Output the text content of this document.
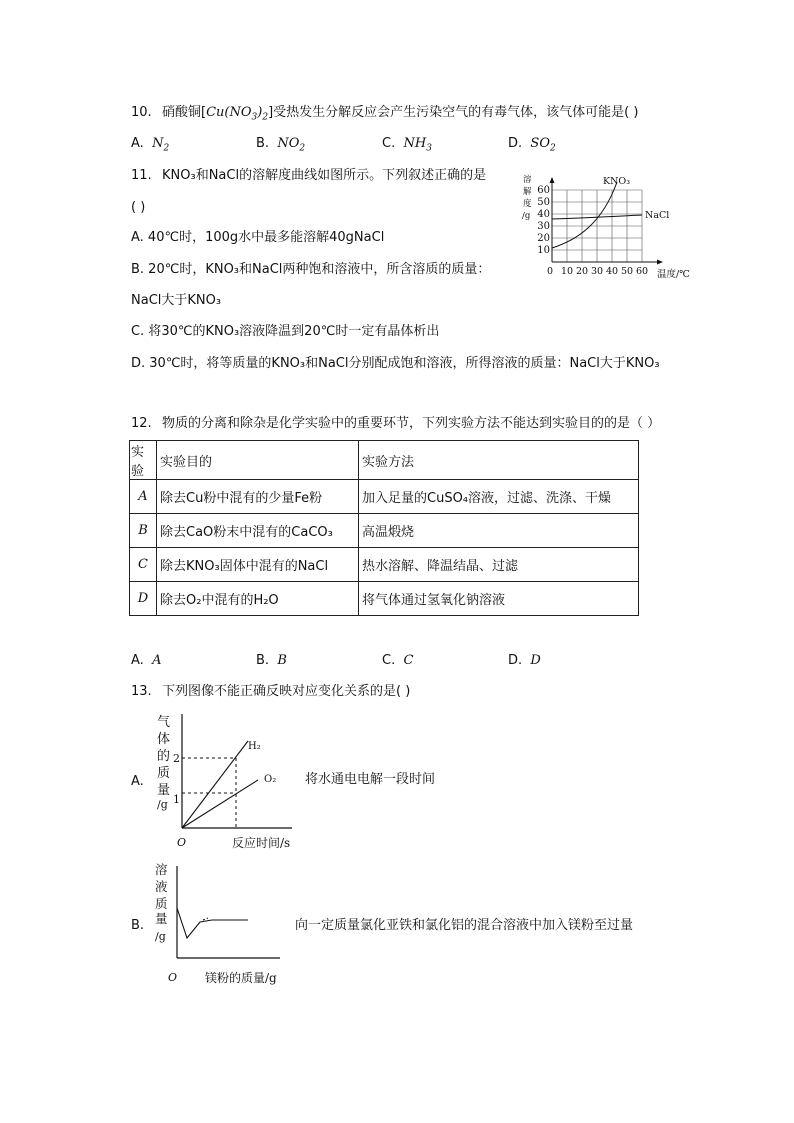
10. 硝酸铜$[Cu(NO_3)_2]$受热发生分解反应会产生污染空气的有毒气体，该气体可能是( )
A. $N_2$	B. $NO_2$	C. $NH_3$	D. $SO_2$
11. KNO₃和NaCl的溶解度曲线如图所示。下列叙述正确的是
( )
A. 40℃时，100g水中最多能溶解40gNaCl
B. 20℃时，KNO₃和NaCl两种饱和溶液中，所含溶质的质量：
NaCl大于KNO₃
C. 将30℃的KNO₃溶液降温到20℃时一定有晶体析出
D. 30℃时，将等质量的KNO₃和NaCl分别配成饱和溶液，所得溶液的质量：NaCl大于KNO₃
溶
解
度
/g
60
50
40
30
20
10
0 10 20 30 40 50 60 温度/℃
KNO₃
NaCl
12. 物质的分离和除杂是化学实验中的重要环节，下列实验方法不能达到实验目的的是（ ）
实验	实验目的	实验方法
A	除去Cu粉中混有的少量Fe粉	加入足量的CuSO₄溶液，过滤、洗涤、干燥
B	除去CaO粉末中混有的CaCO₃	高温煅烧
C	除去KNO₃固体中混有的NaCl	热水溶解、降温结晶、过滤
D	除去O₂中混有的H₂O	将气体通过氢氧化钠溶液
A. A	B. B	C. C	D. D
13. 下列图像不能正确反映对应变化关系的是( )
A.	将水通电电解一段时间
气
体
的
质
量
/g
2
1
O	反应时间/s
H₂
O₂
B.	向一定质量氯化亚铁和氯化铝的混合溶液中加入镁粉至过量
溶
液
质
量
/g
O 镁粉的质量/g
